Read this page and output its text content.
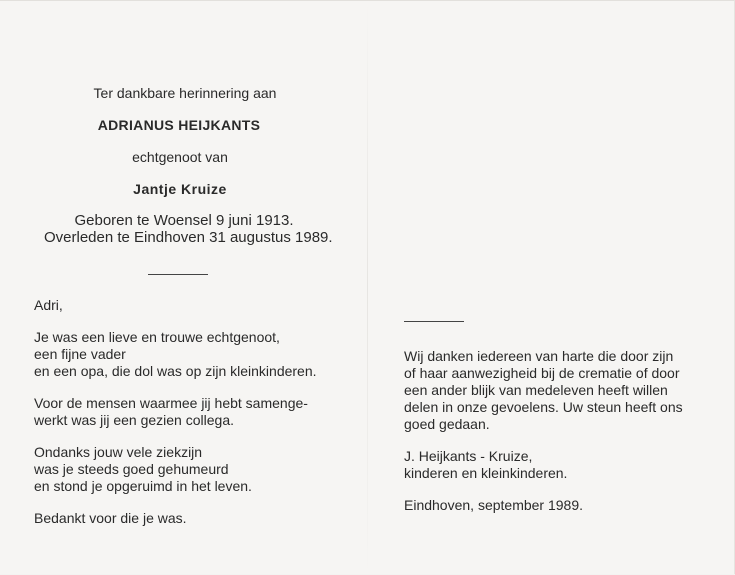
Ter dankbare herinnering aan
ADRIANUS HEIJKANTS
echtgenoot van
Jantje Kruize
Geboren te Woensel 9 juni 1913.
Overleden te Eindhoven 31 augustus 1989.
Adri,
Je was een lieve en trouwe echtgenoot,
een fijne vader
en een opa, die dol was op zijn kleinkinderen.
Voor de mensen waarmee jij hebt samenge-
werkt was jij een gezien collega.
Ondanks jouw vele ziekzijn
was je steeds goed gehumeurd
en stond je opgeruimd in het leven.
Bedankt voor die je was.
Wij danken iedereen van harte die door zijn
of haar aanwezigheid bij de crematie of door
een ander blijk van medeleven heeft willen
delen in onze gevoelens. Uw steun heeft ons
goed gedaan.
J. Heijkants - Kruize,
kinderen en kleinkinderen.
Eindhoven, september 1989.
